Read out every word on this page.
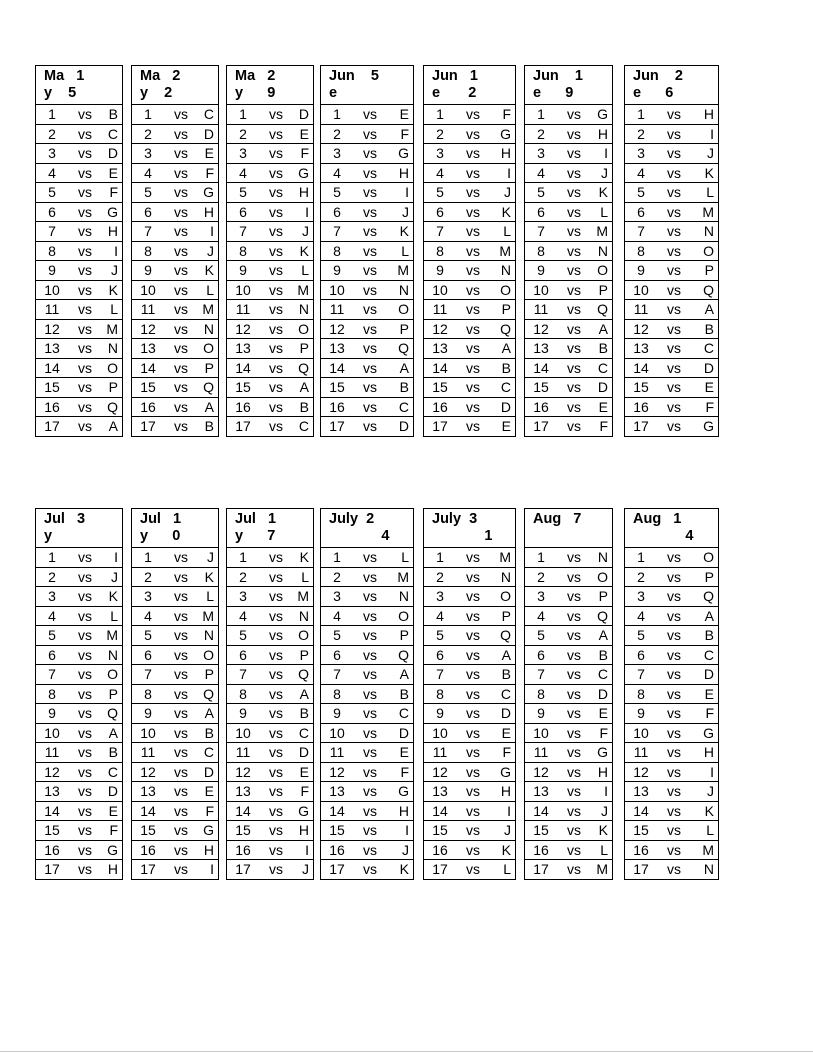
Ma   1
y    5
1	vs B
2	vs C
3	vs D
4	vs E
5	vs F
6	vs G
7	vs H
8	vs I
9	vs J
10	vs K
11	vs L
12	vs M
13	vs N
14	vs O
15	vs P
16	vs Q
17	vs A
Ma   2
y    2
1	vs C
2	vs D
3	vs E
4	vs F
5	vs G
6	vs H
7	vs I
8	vs J
9	vs K
10	vs L
11	vs M
12	vs N
13	vs O
14	vs P
15	vs Q
16	vs A
17	vs B
Ma   2
y      9
1	vs D
2	vs E
3	vs F
4	vs G
5	vs H
6	vs I
7	vs J
8	vs K
9	vs L
10	vs M
11	vs N
12	vs O
13	vs P
14	vs Q
15	vs A
16	vs B
17	vs C
Jun    5
e
1	vs E
2	vs F
3	vs G
4	vs H
5	vs I
6	vs J
7	vs K
8	vs L
9	vs M
10	vs N
11	vs O
12	vs P
13	vs Q
14	vs A
15	vs B
16	vs C
17	vs D
Jun   1
e       2
1	vs F
2	vs G
3	vs H
4	vs I
5	vs J
6	vs K
7	vs L
8	vs M
9	vs N
10	vs O
11	vs P
12	vs Q
13	vs A
14	vs B
15	vs C
16	vs D
17	vs E
Jun    1
e      9
1	vs G
2	vs H
3	vs I
4	vs J
5	vs K
6	vs L
7	vs M
8	vs N
9	vs O
10	vs P
11	vs Q
12	vs A
13	vs B
14	vs C
15	vs D
16	vs E
17	vs F
Jun    2
e      6
1	vs H
2	vs I
3	vs J
4	vs K
5	vs L
6	vs M
7	vs N
8	vs O
9	vs P
10	vs Q
11	vs A
12	vs B
13	vs C
14	vs D
15	vs E
16	vs F
17	vs G
Jul   3
y
1	vs I
2	vs J
3	vs K
4	vs L
5	vs M
6	vs N
7	vs O
8	vs P
9	vs Q
10	vs A
11	vs B
12	vs C
13	vs D
14	vs E
15	vs F
16	vs G
17	vs H
Jul   1
y      0
1	vs J
2	vs K
3	vs L
4	vs M
5	vs N
6	vs O
7	vs P
8	vs Q
9	vs A
10	vs B
11	vs C
12	vs D
13	vs E
14	vs F
15	vs G
16	vs H
17	vs I
Jul   1
y      7
1	vs K
2	vs L
3	vs M
4	vs N
5	vs O
6	vs P
7	vs Q
8	vs A
9	vs B
10	vs C
11	vs D
12	vs E
13	vs F
14	vs G
15	vs H
16	vs I
17	vs J
July  2
4
1	vs L
2	vs M
3	vs N
4	vs O
5	vs P
6	vs Q
7	vs A
8	vs B
9	vs C
10	vs D
11	vs E
12	vs F
13	vs G
14	vs H
15	vs I
16	vs J
17	vs K
July  3
1
1	vs M
2	vs N
3	vs O
4	vs P
5	vs Q
6	vs A
7	vs B
8	vs C
9	vs D
10	vs E
11	vs F
12	vs G
13	vs H
14	vs I
15	vs J
16	vs K
17	vs L
Aug   7
1	vs N
2	vs O
3	vs P
4	vs Q
5	vs A
6	vs B
7	vs C
8	vs D
9	vs E
10	vs F
11	vs G
12	vs H
13	vs I
14	vs J
15	vs K
16	vs L
17	vs M
Aug   1
4
1	vs O
2	vs P
3	vs Q
4	vs A
5	vs B
6	vs C
7	vs D
8	vs E
9	vs F
10	vs G
11	vs H
12	vs I
13	vs J
14	vs K
15	vs L
16	vs M
17	vs N
